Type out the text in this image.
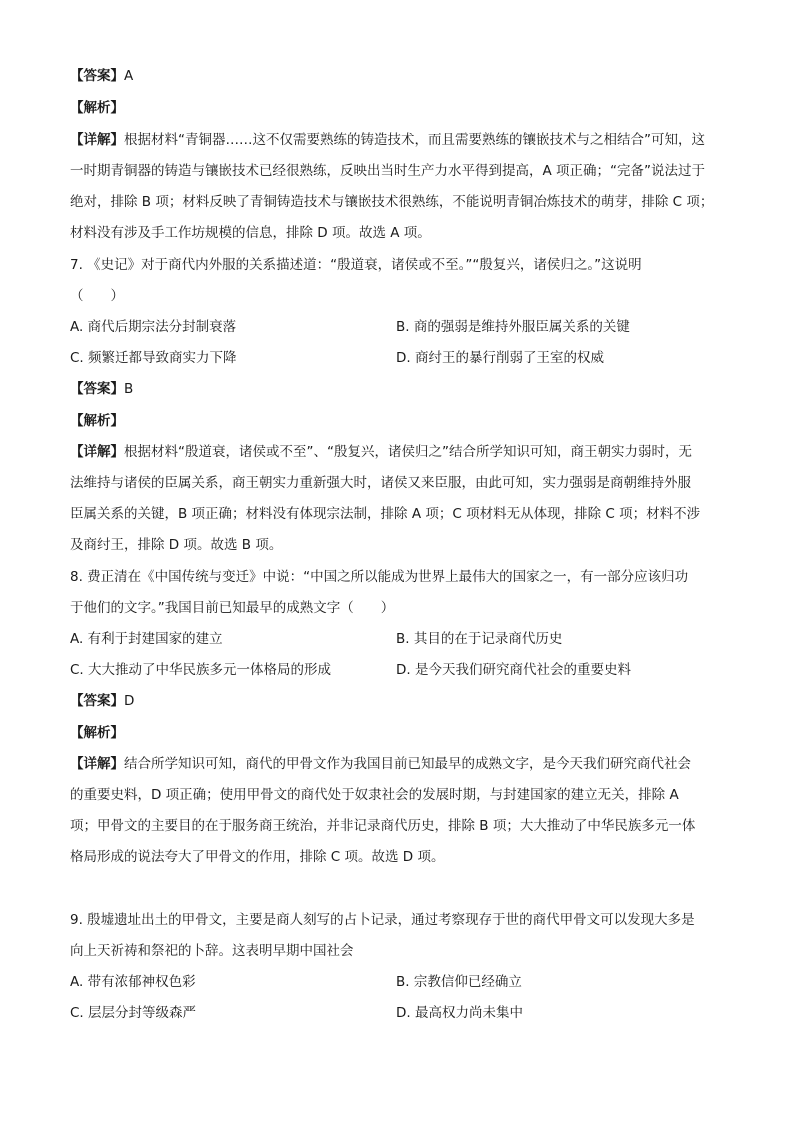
【答案】A
【解析】
【详解】根据材料“青铜器……这不仅需要熟练的铸造技术，而且需要熟练的镶嵌技术与之相结合”可知，这
一时期青铜器的铸造与镶嵌技术已经很熟练，反映出当时生产力水平得到提高，A 项正确；“完备”说法过于
绝对，排除 B 项；材料反映了青铜铸造技术与镶嵌技术很熟练，不能说明青铜冶炼技术的萌芽，排除 C 项；
材料没有涉及手工作坊规模的信息，排除 D 项。故选 A 项。
7. 《史记》对于商代内外服的关系描述道：“殷道衰，诸侯或不至。”“殷复兴，诸侯归之。”这说明
（　　）
A. 商代后期宗法分封制衰落	B. 商的强弱是维持外服臣属关系的关键
C. 频繁迁都导致商实力下降	D. 商纣王的暴行削弱了王室的权威
【答案】B
【解析】
【详解】根据材料“殷道衰，诸侯或不至”、“殷复兴，诸侯归之”结合所学知识可知，商王朝实力弱时，无
法维持与诸侯的臣属关系，商王朝实力重新强大时，诸侯又来臣服，由此可知，实力强弱是商朝维持外服
臣属关系的关键，B 项正确；材料没有体现宗法制，排除 A 项；C 项材料无从体现，排除 C 项；材料不涉
及商纣王，排除 D 项。故选 B 项。
8. 费正清在《中国传统与变迁》中说：“中国之所以能成为世界上最伟大的国家之一，有一部分应该归功
于他们的文字。”我国目前已知最早的成熟文字（　　）
A. 有利于封建国家的建立	B. 其目的在于记录商代历史
C. 大大推动了中华民族多元一体格局的形成	D. 是今天我们研究商代社会的重要史料
【答案】D
【解析】
【详解】结合所学知识可知，商代的甲骨文作为我国目前已知最早的成熟文字，是今天我们研究商代社会
的重要史料，D 项正确；使用甲骨文的商代处于奴隶社会的发展时期，与封建国家的建立无关，排除 A
项；甲骨文的主要目的在于服务商王统治，并非记录商代历史，排除 B 项；大大推动了中华民族多元一体
格局形成的说法夸大了甲骨文的作用，排除 C 项。故选 D 项。
9. 殷墟遗址出土的甲骨文，主要是商人刻写的占卜记录，通过考察现存于世的商代甲骨文可以发现大多是
向上天祈祷和祭祀的卜辞。这表明早期中国社会
A. 带有浓郁神权色彩	B. 宗教信仰已经确立
C. 层层分封等级森严	D. 最高权力尚未集中
